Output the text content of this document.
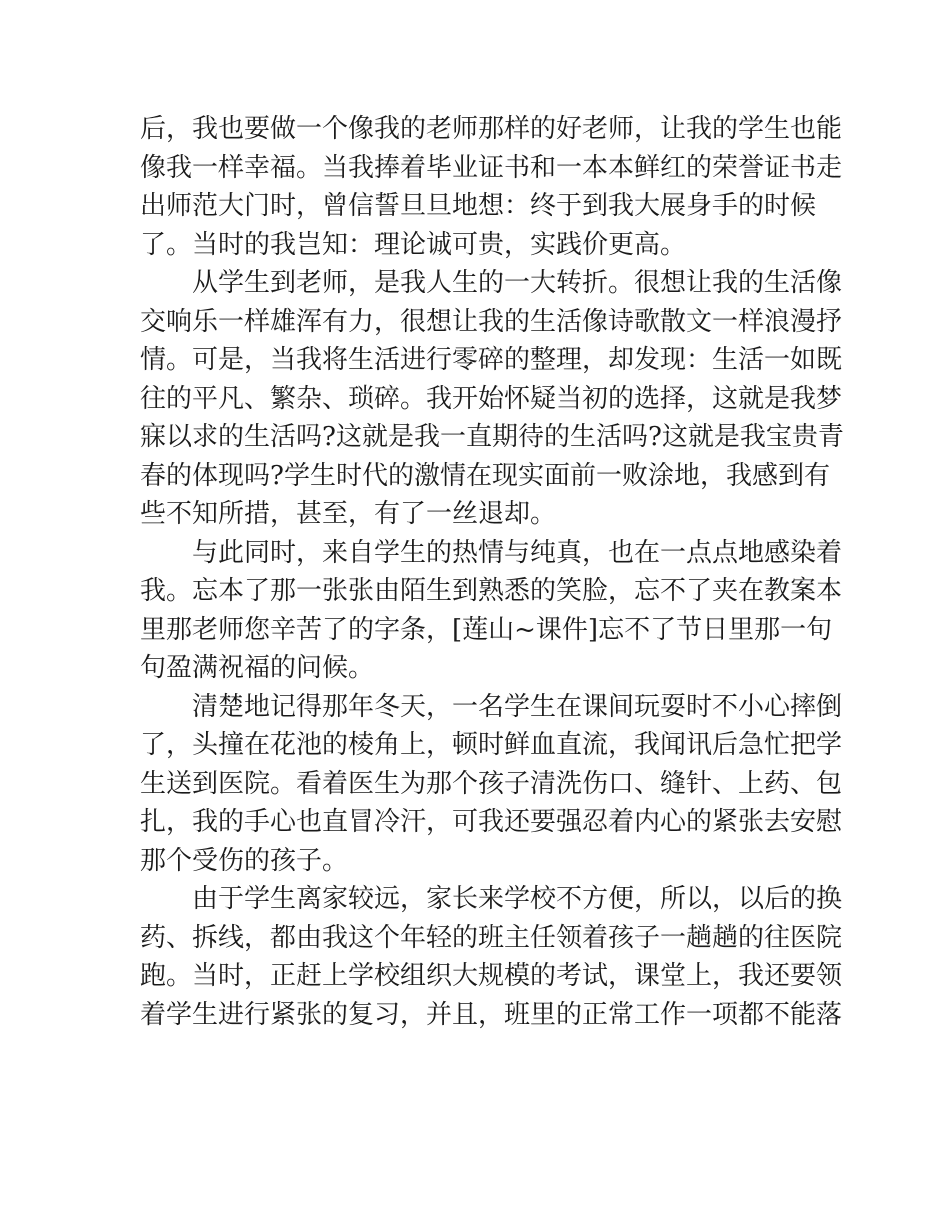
后，我也要做一个像我的老师那样的好老师，让我的学生也能
像我一样幸福。当我捧着毕业证书和一本本鲜红的荣誉证书走
出师范大门时，曾信誓旦旦地想：终于到我大展身手的时候
了。当时的我岂知：理论诚可贵，实践价更高。

从学生到老师，是我人生的一大转折。很想让我的生活像
交响乐一样雄浑有力，很想让我的生活像诗歌散文一样浪漫抒
情。可是，当我将生活进行零碎的整理，却发现：生活一如既
往的平凡、繁杂、琐碎。我开始怀疑当初的选择，这就是我梦
寐以求的生活吗?这就是我一直期待的生活吗?这就是我宝贵青
春的体现吗?学生时代的激情在现实面前一败涂地，我感到有
些不知所措，甚至，有了一丝退却。

与此同时，来自学生的热情与纯真，也在一点点地感染着
我。忘本了那一张张由陌生到熟悉的笑脸，忘不了夹在教案本
里那老师您辛苦了的字条，[莲山~课件]忘不了节日里那一句
句盈满祝福的问候。

清楚地记得那年冬天，一名学生在课间玩耍时不小心摔倒
了，头撞在花池的棱角上，顿时鲜血直流，我闻讯后急忙把学
生送到医院。看着医生为那个孩子清洗伤口、缝针、上药、包
扎，我的手心也直冒冷汗，可我还要强忍着内心的紧张去安慰
那个受伤的孩子。

由于学生离家较远，家长来学校不方便，所以，以后的换
药、拆线，都由我这个年轻的班主任领着孩子一趟趟的往医院
跑。当时，正赶上学校组织大规模的考试，课堂上，我还要领
着学生进行紧张的复习，并且，班里的正常工作一项都不能落
